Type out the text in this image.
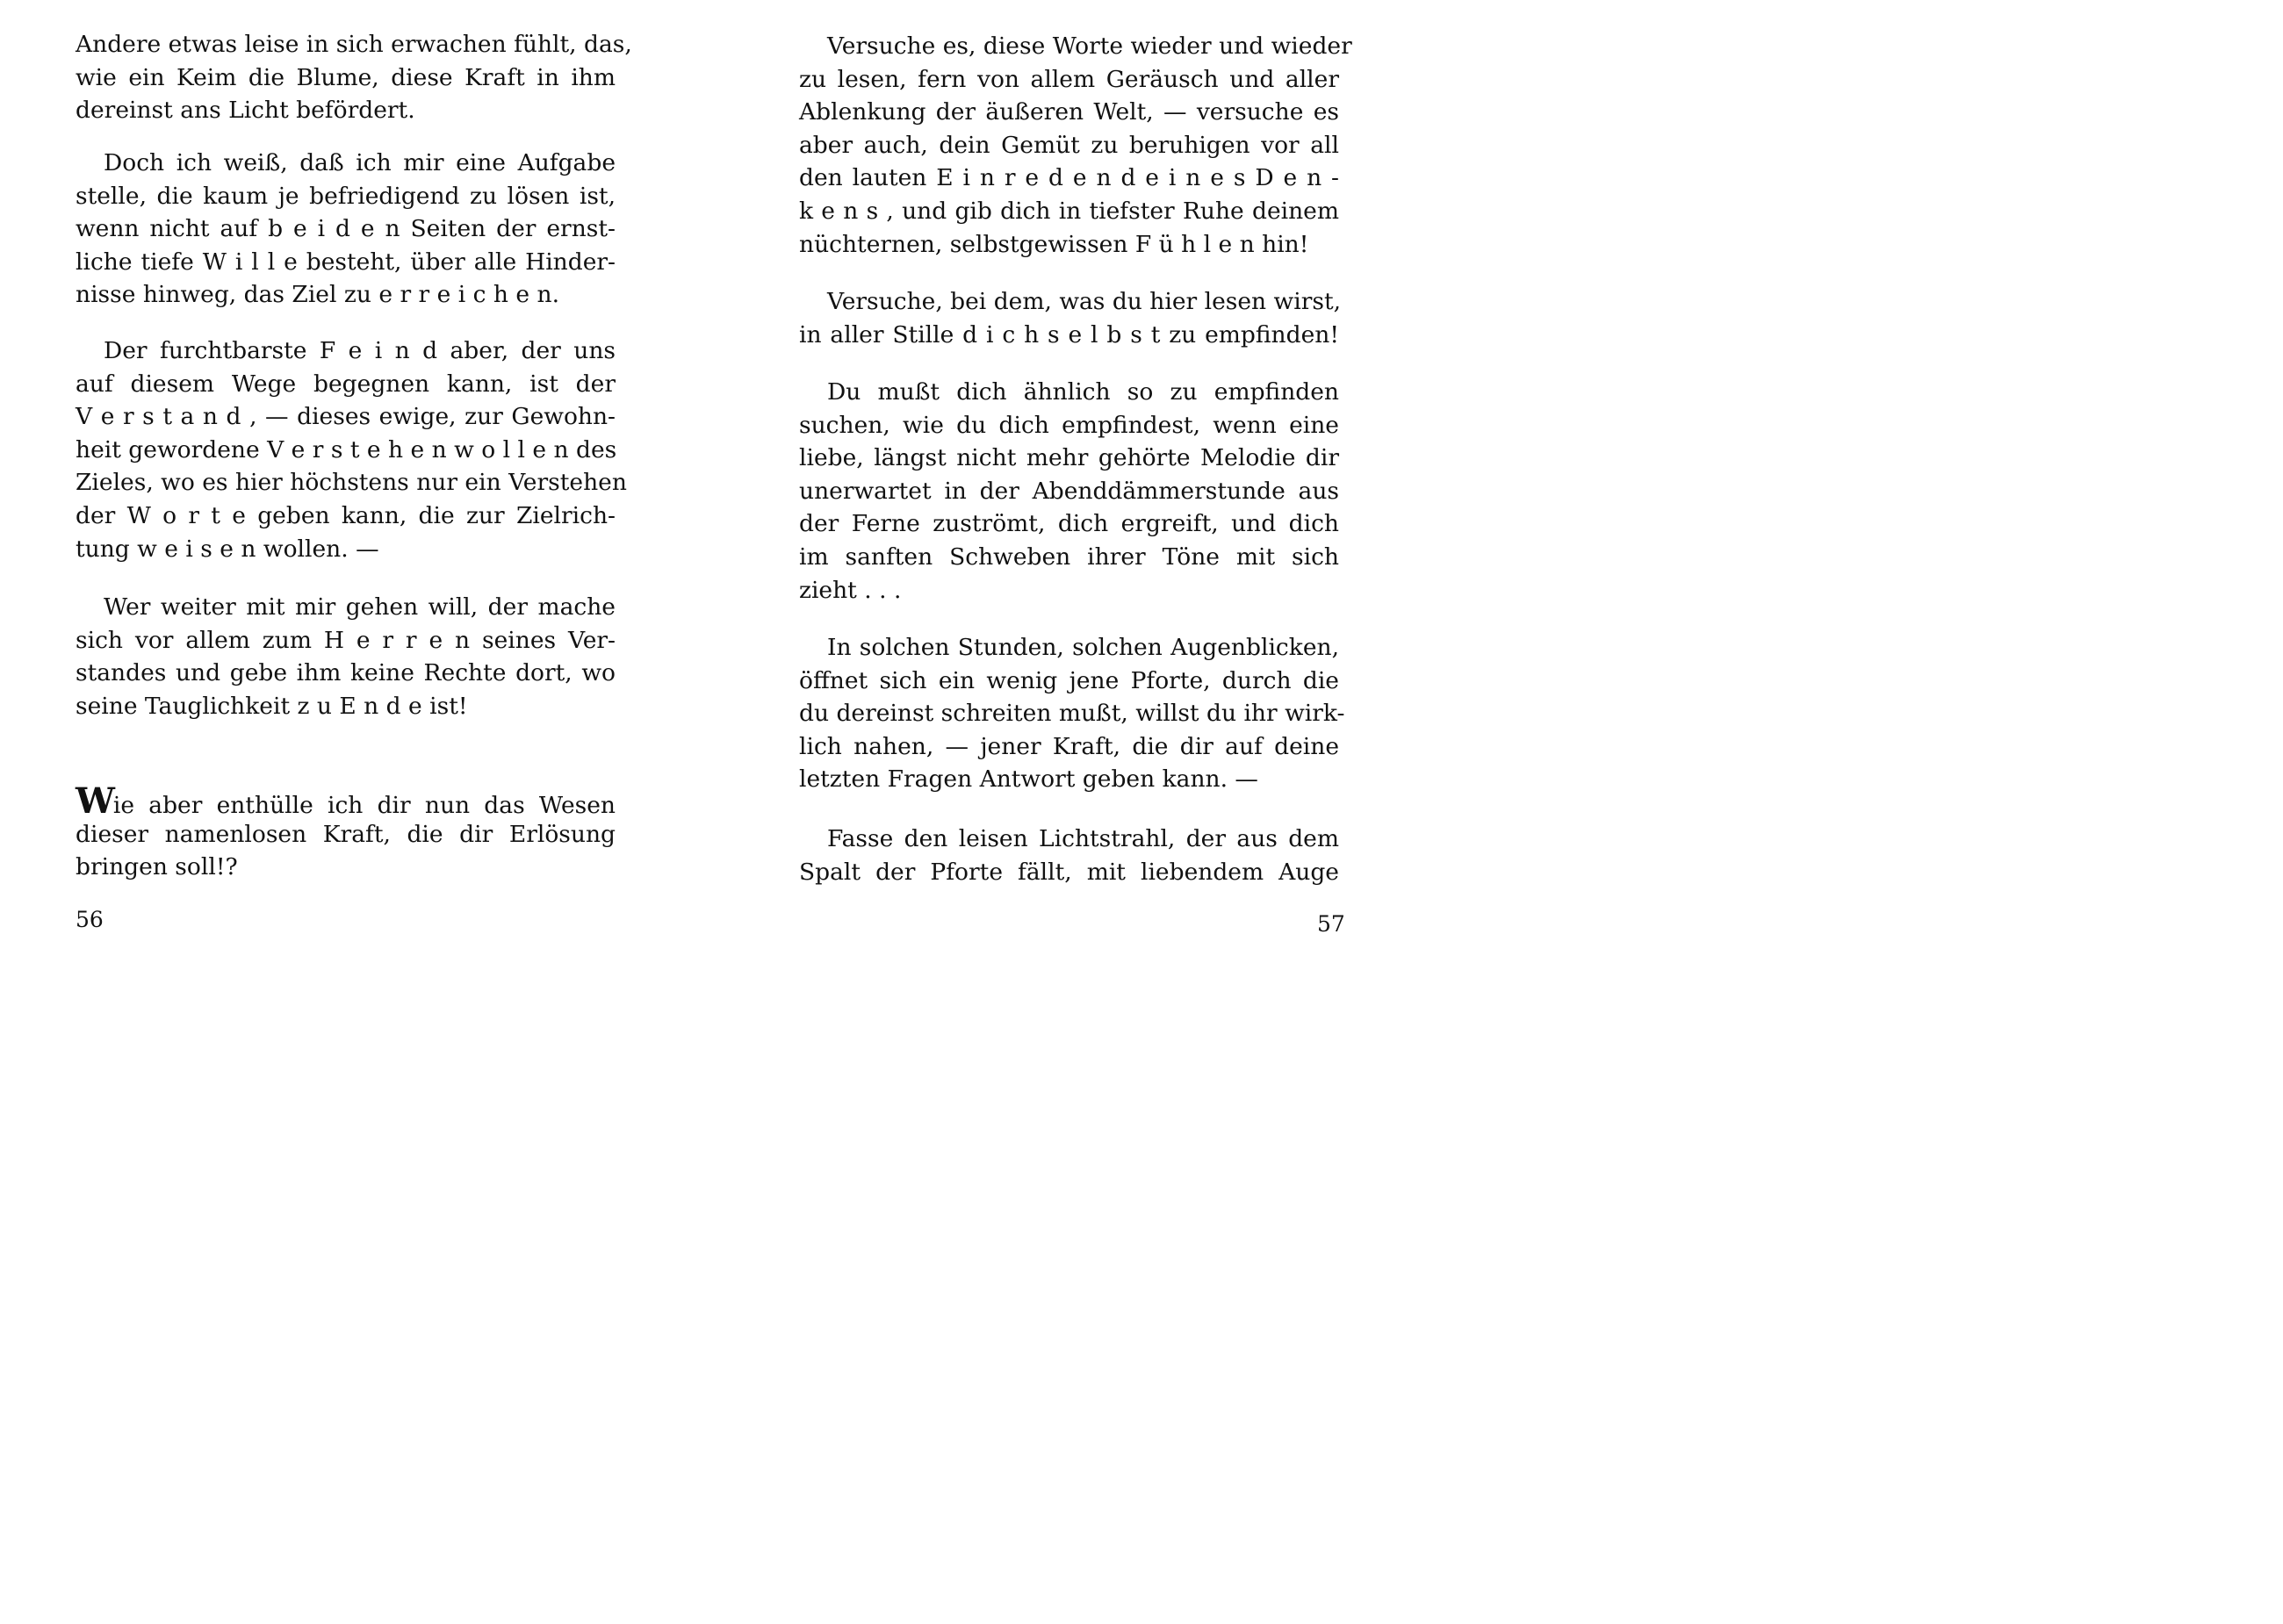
Andere etwas leise in sich erwachen fühlt, das,
wie ein Keim die Blume, diese Kraft in ihm
dereinst ans Licht befördert.

Doch ich weiß, daß ich mir eine Aufgabe
stelle, die kaum je befriedigend zu lösen ist,
wenn nicht auf b e i d e n Seiten der ernst-
liche tiefe W i l l e besteht, über alle Hinder-
nisse hinweg, das Ziel zu e r r e i c h e n.

Der furchtbarste F e i n d aber, der uns
auf diesem Wege begegnen kann, ist der
V e r s t a n d , — dieses ewige, zur Gewohn-
heit gewordene V e r s t e h e n w o l l e n des
Zieles, wo es hier höchstens nur ein Verstehen
der W o r t e geben kann, die zur Zielrich-
tung w e i s e n wollen. —

Wer weiter mit mir gehen will, der mache
sich vor allem zum H e r r e n seines Ver-
standes und gebe ihm keine Rechte dort, wo
seine Tauglichkeit z u E n d e ist!

Wie aber enthülle ich dir nun das Wesen
dieser namenlosen Kraft, die dir Erlösung
bringen soll!?

56

Versuche es, diese Worte wieder und wieder
zu lesen, fern von allem Geräusch und aller
Ablenkung der äußeren Welt, — versuche es
aber auch, dein Gemüt zu beruhigen vor all
den lauten E i n r e d e n d e i n e s D e n -
k e n s , und gib dich in tiefster Ruhe deinem
nüchternen, selbstgewissen F ü h l e n hin!

Versuche, bei dem, was du hier lesen wirst,
in aller Stille d i c h s e l b s t zu empfinden!

Du mußt dich ähnlich so zu empfinden
suchen, wie du dich empfindest, wenn eine
liebe, längst nicht mehr gehörte Melodie dir
unerwartet in der Abenddämmerstunde aus
der Ferne zuströmt, dich ergreift, und dich
im sanften Schweben ihrer Töne mit sich
zieht . . .

In solchen Stunden, solchen Augenblicken,
öffnet sich ein wenig jene Pforte, durch die
du dereinst schreiten mußt, willst du ihr wirk-
lich nahen, — jener Kraft, die dir auf deine
letzten Fragen Antwort geben kann. —

Fasse den leisen Lichtstrahl, der aus dem
Spalt der Pforte fällt, mit liebendem Auge

57
